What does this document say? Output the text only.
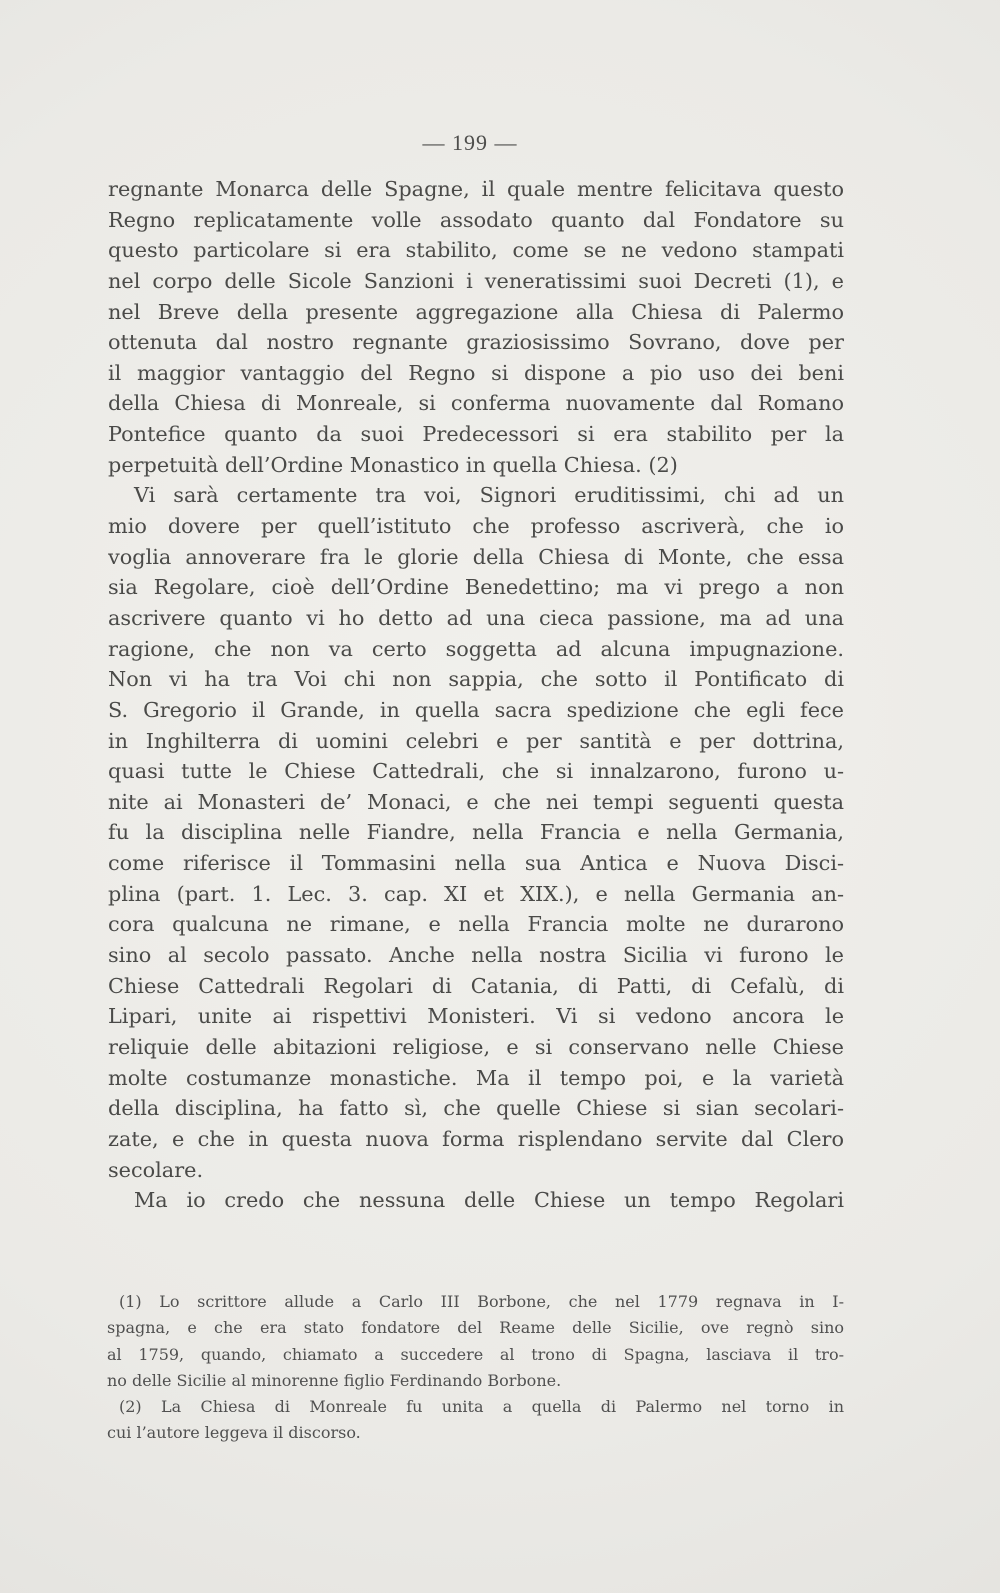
— 199 —
regnante Monarca delle Spagne, il quale mentre felicitava questo
Regno replicatamente volle assodato quanto dal Fondatore su
questo particolare si era stabilito, come se ne vedono stampati
nel corpo delle Sicole Sanzioni i veneratissimi suoi Decreti (1), e
nel Breve della presente aggregazione alla Chiesa di Palermo
ottenuta dal nostro regnante graziosissimo Sovrano, dove per
il maggior vantaggio del Regno si dispone a pio uso dei beni
della Chiesa di Monreale, si conferma nuovamente dal Romano
Pontefice quanto da suoi Predecessori si era stabilito per la
perpetuità dell’Ordine Monastico in quella Chiesa. (2)
Vi sarà certamente tra voi, Signori eruditissimi, chi ad un
mio dovere per quell’istituto che professo ascriverà, che io
voglia annoverare fra le glorie della Chiesa di Monte, che essa
sia Regolare, cioè dell’Ordine Benedettino; ma vi prego a non
ascrivere quanto vi ho detto ad una cieca passione, ma ad una
ragione, che non va certo soggetta ad alcuna impugnazione.
Non vi ha tra Voi chi non sappia, che sotto il Pontificato di
S. Gregorio il Grande, in quella sacra spedizione che egli fece
in Inghilterra di uomini celebri e per santità e per dottrina,
quasi tutte le Chiese Cattedrali, che si innalzarono, furono u-
nite ai Monasteri de’ Monaci, e che nei tempi seguenti questa
fu la disciplina nelle Fiandre, nella Francia e nella Germania,
come riferisce il Tommasini nella sua Antica e Nuova Disci-
plina (part. 1. Lec. 3. cap. XI et XIX.), e nella Germania an-
cora qualcuna ne rimane, e nella Francia molte ne durarono
sino al secolo passato. Anche nella nostra Sicilia vi furono le
Chiese Cattedrali Regolari di Catania, di Patti, di Cefalù, di
Lipari, unite ai rispettivi Monisteri. Vi si vedono ancora le
reliquie delle abitazioni religiose, e si conservano nelle Chiese
molte costumanze monastiche. Ma il tempo poi, e la varietà
della disciplina, ha fatto sì, che quelle Chiese si sian secolari-
zate, e che in questa nuova forma risplendano servite dal Clero
secolare.
Ma io credo che nessuna delle Chiese un tempo Regolari
(1) Lo scrittore allude a Carlo III Borbone, che nel 1779 regnava in I-
spagna, e che era stato fondatore del Reame delle Sicilie, ove regnò sino
al 1759, quando, chiamato a succedere al trono di Spagna, lasciava il tro-
no delle Sicilie al minorenne figlio Ferdinando Borbone.
(2) La Chiesa di Monreale fu unita a quella di Palermo nel torno in
cui l’autore leggeva il discorso.
